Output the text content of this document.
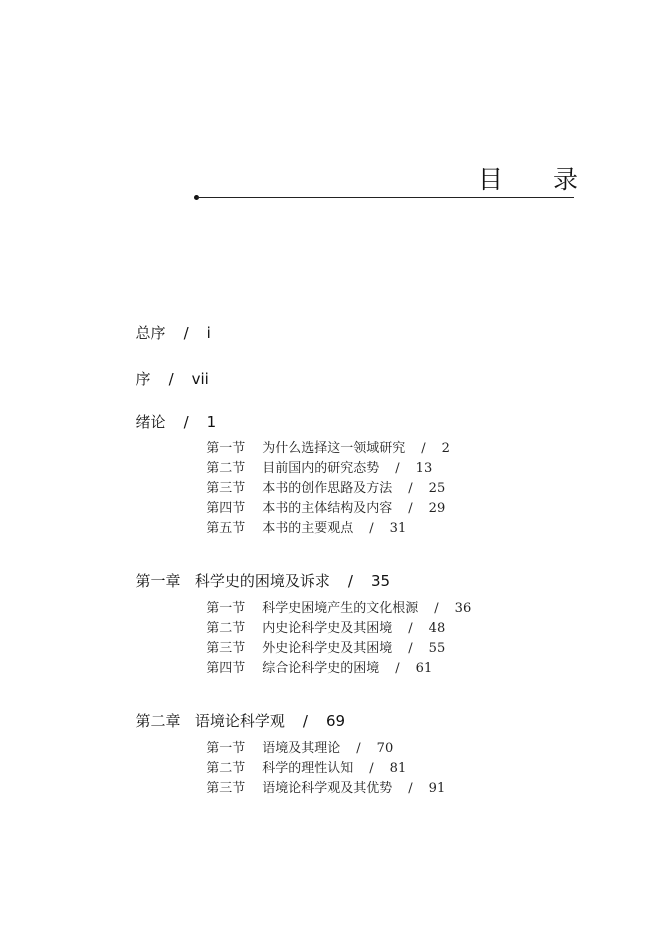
目 录

总序 / i

序 / vii

绪论 / 1

第一节 为什么选择这一领域研究 / 2

第二节 目前国内的研究态势 / 13

第三节 本书的创作思路及方法 / 25

第四节 本书的主体结构及内容 / 29

第五节 本书的主要观点 / 31

第一章 科学史的困境及诉求 / 35

第一节 科学史困境产生的文化根源 / 36

第二节 内史论科学史及其困境 / 48

第三节 外史论科学史及其困境 / 55

第四节 综合论科学史的困境 / 61

第二章 语境论科学观 / 69

第一节 语境及其理论 / 70

第二节 科学的理性认知 / 81

第三节 语境论科学观及其优势 / 91
